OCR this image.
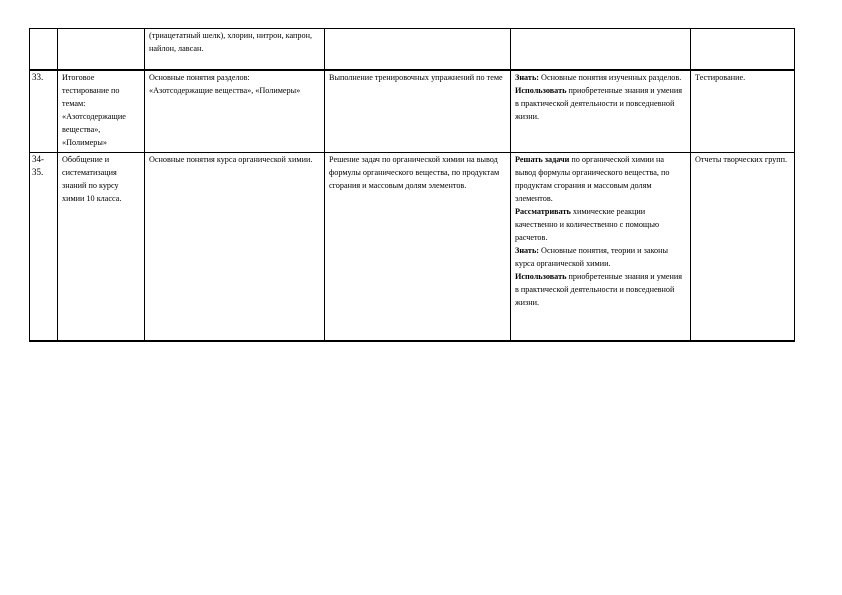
		(триацетатный шелк), хлорин, нитрон, капрон, найлон, лавсан.			
33.	Итоговое тестирование по темам: «Азотсодержащие вещества», «Полимеры»	Основные понятия разделов:
«Азотсодержащие вещества», «Полимеры»	Выполнение тренировочных упражнений по теме	Знать: Основные понятия изученных разделов.
Использовать приобретенные знания и умения в практической деятельности и повседневной жизни.	Тестирование.
34-35.	Обобщение и систематизация знаний по курсу химии 10 класса.	Основные понятия курса органической химии.	Решение задач по органической химии на вывод формулы органического вещества, по продуктам сгорания и массовым долям элементов.	Решать задачи по органической химии на вывод формулы органического вещества, по продуктам сгорания и массовым долям элементов.
Рассматривать химические реакции качественно и количественно с помощью расчетов.
Знать: Основные понятия, теории и законы курса органической химии.
Использовать приобретенные знания и умения в практической деятельности и повседневной жизни.	Отчеты творческих групп.
